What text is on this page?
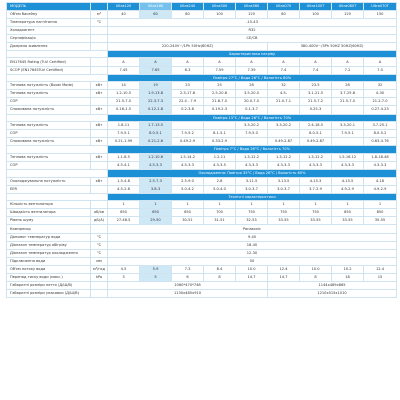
МОДЕЛЬ		Ultra120	Ultra180	Ultra240	Ultra300	Ultra360	Ultra070	Ultra100T	Ultra080T	Ultra070T
Об'єм басейну	м³	40	60	80	100	120	80	100	120	150
Температура нагнітання	°С	-15-43								
Холодоагент		R32								
Сертифікація		CE/CB								
Джерело живлення		220-240V~/1Ph 50Hz(60HZ)					380-400V~/3Ph 50HZ 50HZ(60HZ)			
		Характеристики нагріву								
EN17645 Rating (TuV Certified)		A	A	A	A	A	A	A	A	A
SCOP (EN17645TuV Certified)		7.45	7.65	8.3	7.59	7.39	7.4	7.4	7.2	7.0
		Повітря 27°С / Вода 26°С / Вологість 80%								
Теплова потужність (Boost Mode)	кВт	14	19	23	25	28	32	23.5	28	32
Теплова потужність	кВт	1.2-10.5	1.9-13.8	2.3-17.8	2.5-20.8	3.5-20.0	4.5-	3.1-21.5	3.7-25.8	4-30
COP		21.5-7.0	22.3-7.3	22.4 - 7.9	21.8-7.0	20.0-7.0	21.0-7.1	21.5-7.2	21.5-7.0	21.2-7.0
Споживана потужність	кВт	0.16-1.5	0.12-1.8	0.2-3.8	0.19-2.3	0.1-3.7		0.25-3		0.27-4.23
		Повітря 15°С / Вода 26°С / Вологість 70%								
Теплова потужність	кВт	1.8-11	1.7-13.5			3.3-20.2	3.3-20.2	2.4-18.5	3.3-20.1	3.7-25.1
COP		7.9-5.1	8.0-5.1	7.9-5.2	8.1-5.1	7.9-5.0		8.0-5.1	7.9-5.1	8.0-5.2
Споживана потужність	кВт	0.21-1.99	0.21-2.6	0.49-2.9	0.33-2.9		0.49-2.87	0.49-2.87		0.63-4.76
		Повітря 7°С / Вода 26°С / Вологість 70%								
Теплова потужність	кВт	1.1-8.5	1.2-10.6	1.5-14.2	1.2-11	1.3-12.2	1.3-12.2	1.3-12.2	1.5-16.12	1.8-18.48
COP		4.5-4.1	4.5-3.3	4.5-3.3	4.3-3.5	4.3-3.3	4.3-3.3	4.3-3.3	4.3-3.3	4.3-3.3
		Охолодження: Повітря 35°С / Вода 28°С / Вологість 60%								
Охолоджувальна потужність	кВт	1.5-4.8	2.5-7.3	2.5-9.0	2-8	3-11.5	3-13.5	4-15.3	4-15.5	4-18
EER		4.5-2.8	3.8-3	5.0-4.2	5.0-4.0	3.0-3.7	3.0-3.7	3.7-2.9	4.9-2.9	4.9-2.9
		Технічні характеристики								
Кількість вентилятора		1	1	1	1	1	1	1	1	1
Швидкість вентилятора	об/хв	650	650	650	700	750	750	750	850	850
Рівень шуму	дБ(А)	27-48.5	29-50	30-51	31-51	32-53	33-55	33-55	33-55	35-55
Компресор		Panasonic								
Допомог температур води	°С	9-40								
Діапазон температур обігріву	°С	18-40								
Діапазон температур охолодження	°С	12-30								
Підключення води	мм	50								
Об'єм потоку води	м³/год	4.5	5.9	7.3	8.4	10.0	12.4	10.0	10.2	12.4
Перепад тиску води (макс.)	kPa	3	5	6	8	14.7	14.7	8	18	15
Габаритні розміри нетто (Д/Ш/В)		1060*470*748					1144x489x865			
Габаритні розміри упаковки (Д/Ш/В)		1130x485x910					1210x515x1010			
